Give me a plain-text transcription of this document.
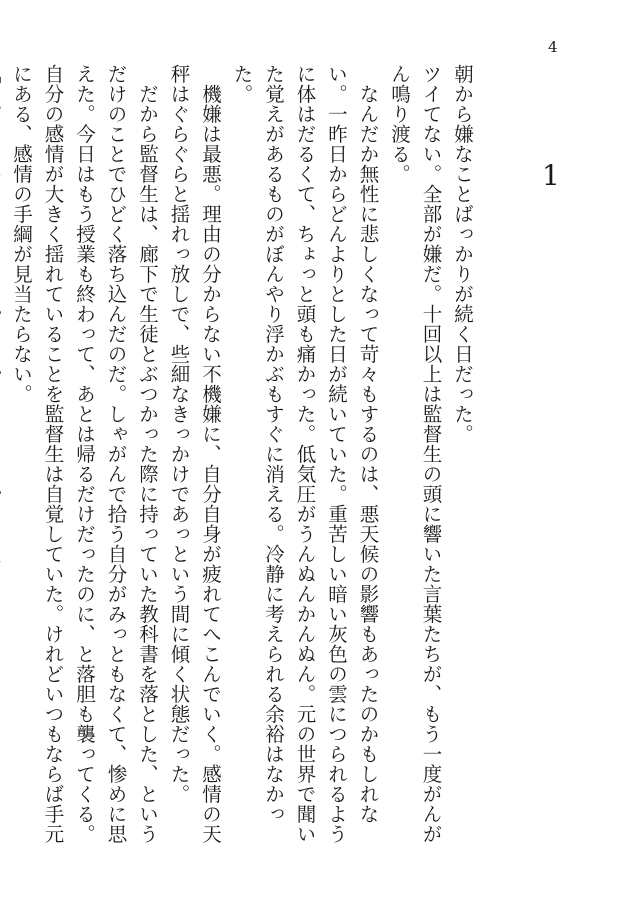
4
1

朝から嫌なことばっかりが続く日だった。

ツイてない。全部が嫌だ。十回以上は監督生の頭に響いた言葉たちが、もう一度がんがん鳴り渡る。

なんだか無性に悲しくなって苛々もするのは、悪天候の影響もあったのかもしれない。一昨日からどんよりとした日が続いていた。重苦しい暗い灰色の雲につられるように体はだるくて、ちょっと頭も痛かった。低気圧がうんぬんかんぬん。元の世界で聞いた覚えがあるものがぼんやり浮かぶもすぐに消える。冷静に考えられる余裕はなかった。

機嫌は最悪。理由の分からない不機嫌に、自分自身が疲れてへこんでいく。感情の天秤はぐらぐらと揺れっ放しで、些細なきっかけであっという間に傾く状態だった。

だから監督生は、廊下で生徒とぶつかった際に持っていた教科書を落とした、というだけのことでひどく落ち込んだのだ。しゃがんで拾う自分がみっともなくて、惨めに思えた。今日はもう授業も終わって、あとは帰るだけだったのに、と落胆も襲ってくる。自分の感情が大きく揺れていることを監督生は自覚していた。けれどいつもならば手元にある、感情の手綱が見当たらない。
